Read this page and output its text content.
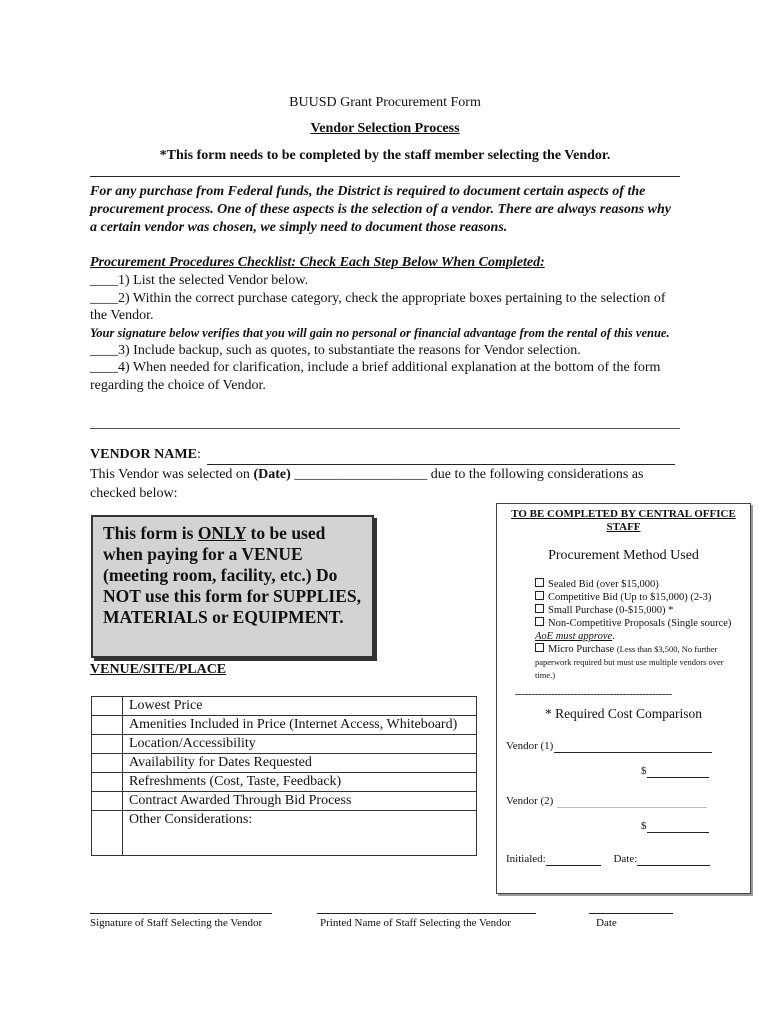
BUUSD Grant Procurement Form
Vendor Selection Process
*This form needs to be completed by the staff member selecting the Vendor.
For any purchase from Federal funds, the District is required to document certain aspects of the procurement process. One of these aspects is the selection of a vendor. There are always reasons why a certain vendor was chosen, we simply need to document those reasons.
Procurement Procedures Checklist: Check Each Step Below When Completed:

____1) List the selected Vendor below.

____2) Within the correct purchase category, check the appropriate boxes pertaining to the selection of the Vendor.

Your signature below verifies that you will gain no personal or financial advantage from the rental of this venue.

____3) Include backup, such as quotes, to substantiate the reasons for Vendor selection.

____4) When needed for clarification, include a brief additional explanation at the bottom of the form regarding the choice of Vendor.

VENDOR NAME:
This Vendor was selected on (Date) ___________________ due to the following considerations as checked below:
This form is ONLY to be used when paying for a VENUE (meeting room, facility, etc.) Do NOT use this form for SUPPLIES, MATERIALS or EQUIPMENT.
VENUE/SITE/PLACE
	Lowest Price
	Amenities Included in Price (Internet Access, Whiteboard)
	Location/Accessibility
	Availability for Dates Requested
	Refreshments (Cost, Taste, Feedback)
	Contract Awarded Through Bid Process
	Other Considerations:
TO BE COMPLETED BY CENTRAL OFFICE STAFF
Procurement Method Used
Sealed Bid (over $15,000)
Competitive Bid (Up to $15,000) (2-3)
Small Purchase (0-$15,000) *
Non-Competitive Proposals (Single source) AoE must approve.
Micro Purchase (Less than $3,500, No further paperwork required but must use multiple vendors over time.)
------------------------------------------------
* Required Cost Comparison
Vendor (1)
$
Vendor (2)
$
Initialed:	Date:
Signature of Staff Selecting the Vendor	Printed Name of Staff Selecting the Vendor	Date
